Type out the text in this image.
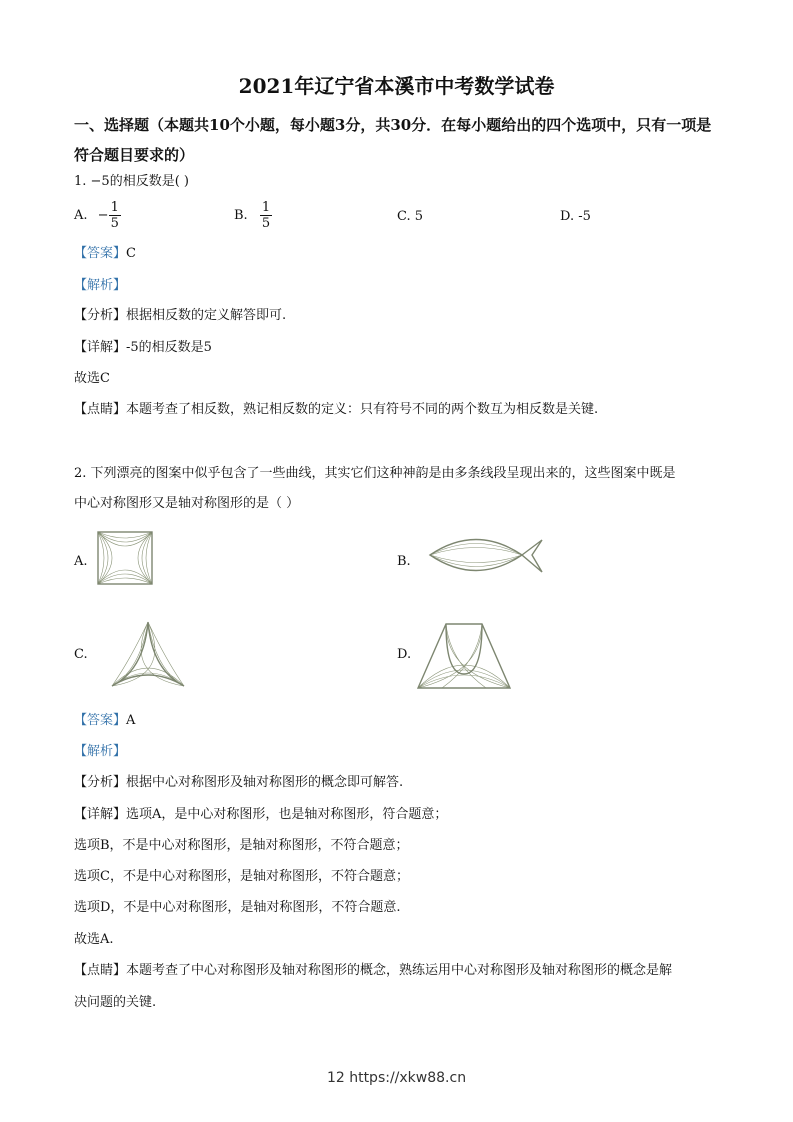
2021年辽宁省本溪市中考数学试卷
一、选择题（本题共10个小题，每小题3分，共30分．在每小题给出的四个选项中，只有一项是符合题目要求的）
1. −5的相反数是( )
A. − $\frac{1}{5}$	B. $\frac{1}{5}$	C. 5	D. -5
【答案】C
【解析】
【分析】根据相反数的定义解答即可.
【详解】-5的相反数是5
故选C
【点睛】本题考查了相反数，熟记相反数的定义：只有符号不同的两个数互为相反数是关键.
2. 下列漂亮的图案中似乎包含了一些曲线，其实它们这种神韵是由多条线段呈现出来的，这些图案中既是
中心对称图形又是轴对称图形的是（ ）
A.	B.
C.	D.
【答案】A
【解析】
【分析】根据中心对称图形及轴对称图形的概念即可解答.
【详解】选项A，是中心对称图形，也是轴对称图形，符合题意；
选项B，不是中心对称图形，是轴对称图形，不符合题意；
选项C，不是中心对称图形，是轴对称图形，不符合题意；
选项D，不是中心对称图形，是轴对称图形，不符合题意.
故选A.
【点睛】本题考查了中心对称图形及轴对称图形的概念，熟练运用中心对称图形及轴对称图形的概念是解
决问题的关键.
12 https://xkw88.cn
